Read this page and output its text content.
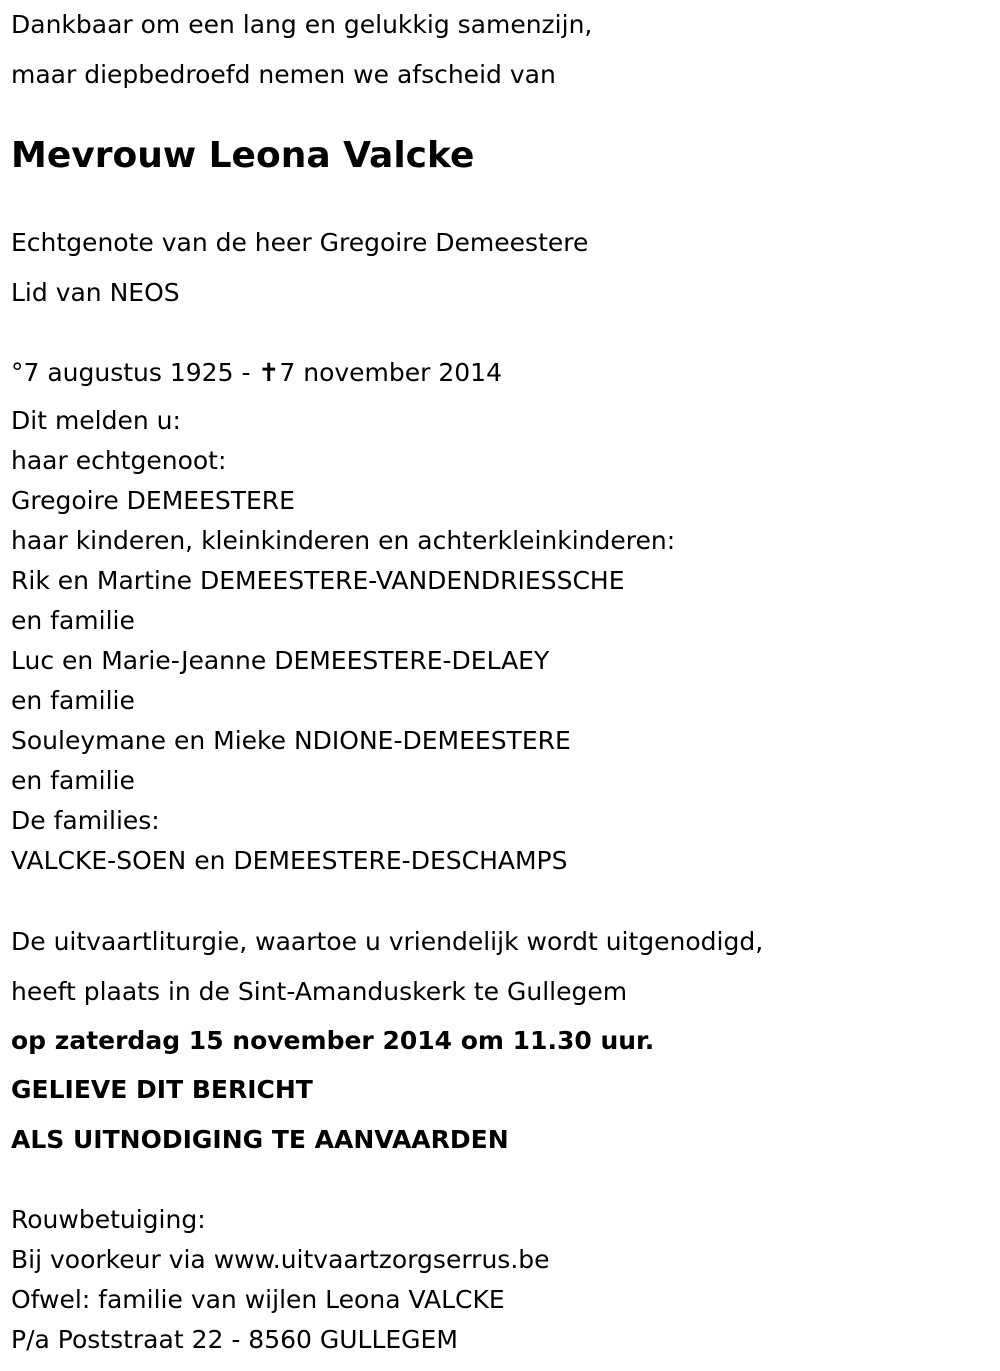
Dankbaar om een lang en gelukkig samenzijn,

maar diepbedroefd nemen we afscheid van

Mevrouw Leona Valcke

Echtgenote van de heer Gregoire Demeestere

Lid van NEOS

°7 augustus 1925 - ✝7 november 2014

Dit melden u:

haar echtgenoot:

Gregoire DEMEESTERE

haar kinderen, kleinkinderen en achterkleinkinderen:

Rik en Martine DEMEESTERE-VANDENDRIESSCHE

en familie

Luc en Marie-Jeanne DEMEESTERE-DELAEY

en familie

Souleymane en Mieke NDIONE-DEMEESTERE

en familie

De families:

VALCKE-SOEN en DEMEESTERE-DESCHAMPS

De uitvaartliturgie, waartoe u vriendelijk wordt uitgenodigd,

heeft plaats in de Sint-Amanduskerk te Gullegem

op zaterdag 15 november 2014 om 11.30 uur.

GELIEVE DIT BERICHT

ALS UITNODIGING TE AANVAARDEN

Rouwbetuiging:

Bij voorkeur via www.uitvaartzorgserrus.be

Ofwel: familie van wijlen Leona VALCKE

P/a Poststraat 22 - 8560 GULLEGEM
